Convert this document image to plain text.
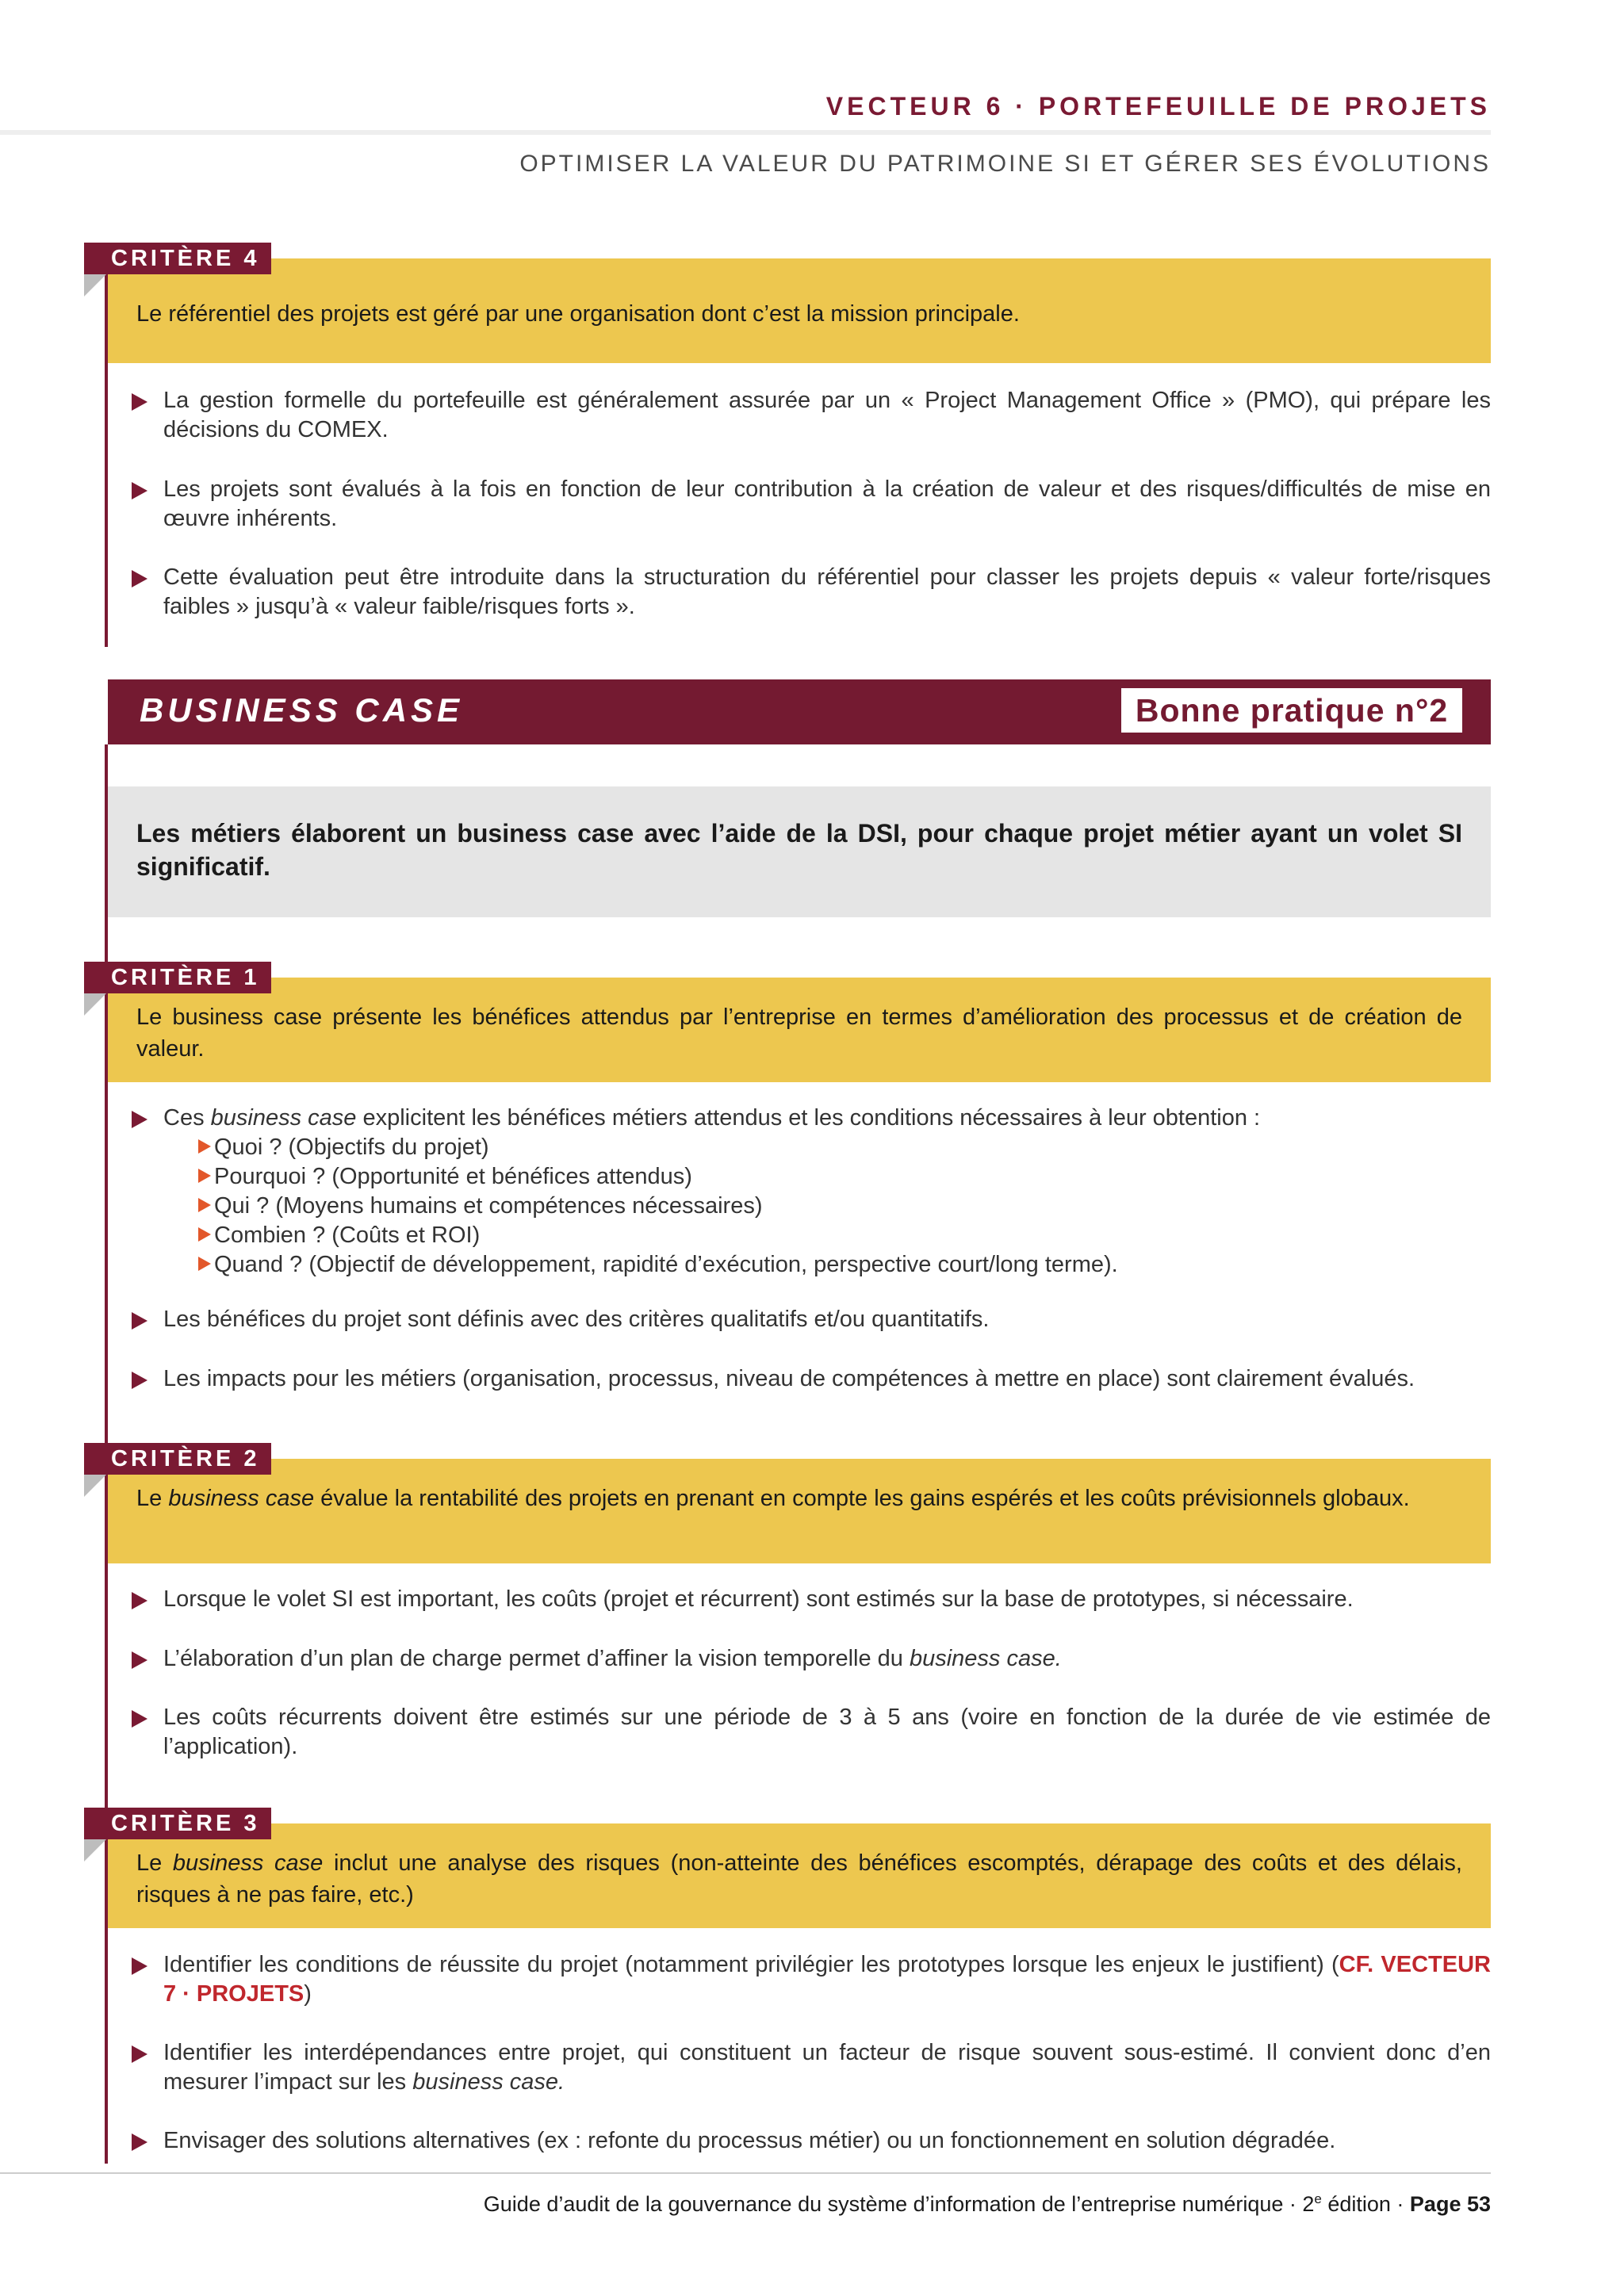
VECTEUR 6 · PORTEFEUILLE DE PROJETS
OPTIMISER LA VALEUR DU PATRIMOINE SI ET GÉRER SES ÉVOLUTIONS
Le référentiel des projets est géré par une organisation dont c’est la mission principale.
CRITÈRE 4
La gestion formelle du portefeuille est généralement assurée par un « Project Management Office » (PMO), qui prépare les décisions du COMEX.
Les projets sont évalués à la fois en fonction de leur contribution à la création de valeur et des risques/difficultés de mise en œuvre inhérents.
Cette évaluation peut être introduite dans la structuration du référentiel pour classer les projets depuis « valeur forte/risques faibles » jusqu’à « valeur faible/risques forts ».
BUSINESS CASE	Bonne pratique n°2
Les métiers élaborent un business case avec l’aide de la DSI, pour chaque projet métier ayant un volet SI significatif.
Le business case présente les bénéfices attendus par l’entreprise en termes d’amélioration des processus et de création de valeur.
CRITÈRE 1
Ces business case explicitent les bénéfices métiers attendus et les conditions nécessaires à leur obtention :
Quoi ? (Objectifs du projet)
Pourquoi ? (Opportunité et bénéfices attendus)
Qui ? (Moyens humains et compétences nécessaires)
Combien ? (Coûts et ROI)
Quand ? (Objectif de développement, rapidité d’exécution, perspective court/long terme).
Les bénéfices du projet sont définis avec des critères qualitatifs et/ou quantitatifs.
Les impacts pour les métiers (organisation, processus, niveau de compétences à mettre en place) sont clairement évalués.
Le business case évalue la rentabilité des projets en prenant en compte les gains espérés et les coûts prévisionnels globaux.
CRITÈRE 2
Lorsque le volet SI est important, les coûts (projet et récurrent) sont estimés sur la base de prototypes, si nécessaire.
L’élaboration d’un plan de charge permet d’affiner la vision temporelle du business case.
Les coûts récurrents doivent être estimés sur une période de 3 à 5 ans (voire en fonction de la durée de vie estimée de l’application).
Le business case inclut une analyse des risques (non-atteinte des bénéfices escomptés, dérapage des coûts et des délais, risques à ne pas faire, etc.)
CRITÈRE 3
Identifier les conditions de réussite du projet (notamment privilégier les prototypes lorsque les enjeux le justifient) (CF. VECTEUR 7 · PROJETS)
Identifier les interdépendances entre projet, qui constituent un facteur de risque souvent sous-estimé. Il convient donc d’en mesurer l’impact sur les business case.
Envisager des solutions alternatives (ex : refonte du processus métier) ou un fonctionnement en solution dégradée.
Guide d’audit de la gouvernance du système d’information de l’entreprise numérique · $2^e$ édition · Page 53
